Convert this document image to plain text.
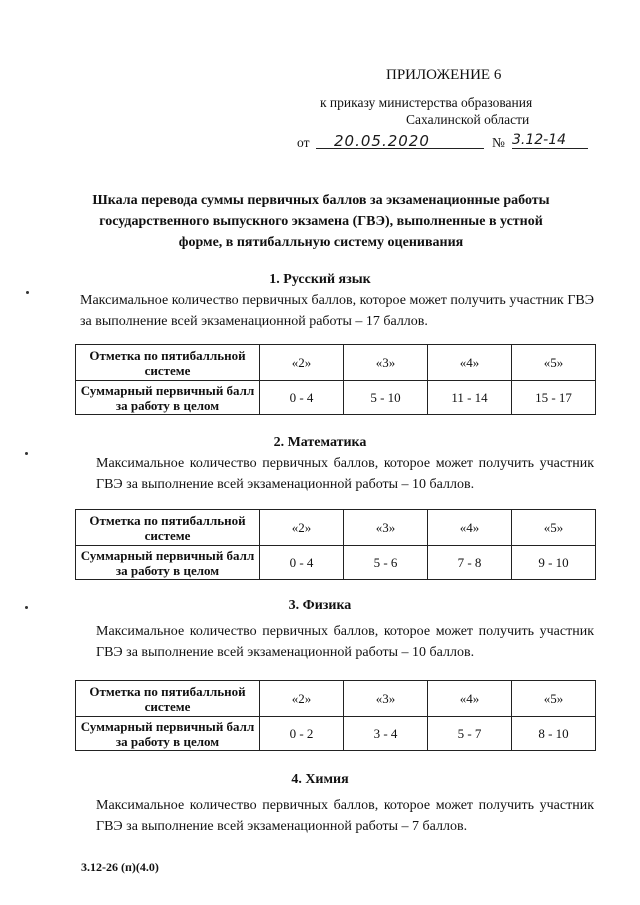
ПРИЛОЖЕНИЕ 6
к приказу министерства образования
Сахалинской области
от 20.05.2020	№ 3.12-14
Шкала перевода суммы первичных баллов за экзаменационные работы государственного выпускного экзамена (ГВЭ), выполненные в устной форме, в пятибалльную систему оценивания
1. Русский язык
Максимальное количество первичных баллов, которое может получить участник ГВЭ за выполнение всей экзаменационной работы – 17 баллов.
Отметка по пятибалльной системе	«2»	«3»	«4»	«5»
Суммарный первичный балл за работу в целом	0 - 4	5 - 10	11 - 14	15 - 17
2. Математика
Максимальное количество первичных баллов, которое может получить участник ГВЭ за выполнение всей экзаменационной работы – 10 баллов.
Отметка по пятибалльной системе	«2»	«3»	«4»	«5»
Суммарный первичный балл за работу в целом	0 - 4	5 - 6	7 - 8	9 - 10
3. Физика
Максимальное количество первичных баллов, которое может получить участник ГВЭ за выполнение всей экзаменационной работы – 10 баллов.
Отметка по пятибалльной системе	«2»	«3»	«4»	«5»
Суммарный первичный балл за работу в целом	0 - 2	3 - 4	5 - 7	8 - 10
4. Химия
Максимальное количество первичных баллов, которое может получить участник ГВЭ за выполнение всей экзаменационной работы – 7 баллов.
3.12-26 (п)(4.0)
